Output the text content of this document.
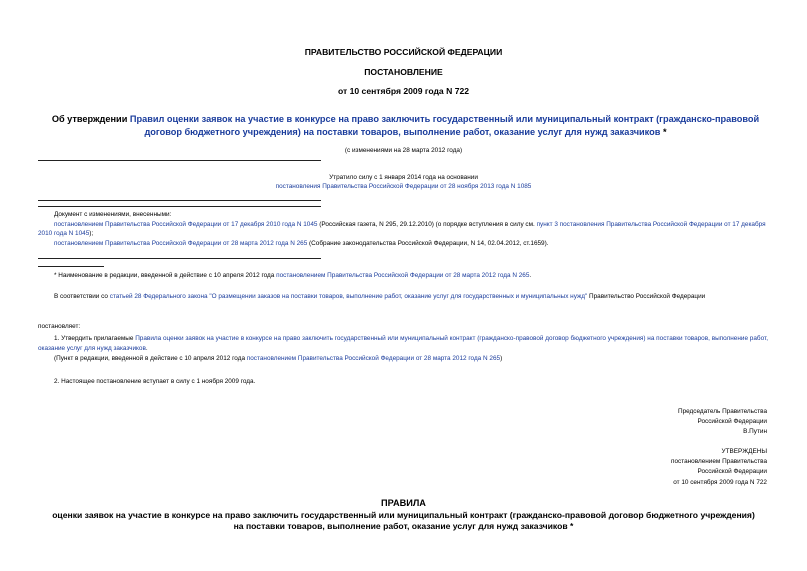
ПРАВИТЕЛЬСТВО РОССИЙСКОЙ ФЕДЕРАЦИИ
ПОСТАНОВЛЕНИЕ
от 10 сентября 2009 года N 722
Об утверждении Правил оценки заявок на участие в конкурсе на право заключить государственный или муниципальный контракт (гражданско-правовой договор бюджетного учреждения) на поставки товаров, выполнение работ, оказание услуг для нужд заказчиков *
(с изменениями на 28 марта 2012 года)
Утратило силу с 1 января 2014 года на основании
постановления Правительства Российской Федерации от 28 ноября 2013 года N 1085
Документ с изменениями, внесенными:
постановлением Правительства Российской Федерации от 17 декабря 2010 года N 1045 (Российская газета, N 295, 29.12.2010) (о порядке вступления в силу см. пункт 3 постановления Правительства Российской Федерации от 17 декабря 2010 года N 1045);
постановлением Правительства Российской Федерации от 28 марта 2012 года N 265 (Собрание законодательства Российской Федерации, N 14, 02.04.2012, ст.1659).
* Наименование в редакции, введенной в действие с 10 апреля 2012 года постановлением Правительства Российской Федерации от 28 марта 2012 года N 265.
В соответствии со статьей 28 Федерального закона "О размещении заказов на поставки товаров, выполнение работ, оказание услуг для государственных и муниципальных нужд" Правительство Российской Федерации
постановляет:
1. Утвердить прилагаемые Правила оценки заявок на участие в конкурсе на право заключить государственный или муниципальный контракт (гражданско-правовой договор бюджетного учреждения) на поставки товаров, выполнение работ, оказание услуг для нужд заказчиков.
(Пункт в редакции, введенной в действие с 10 апреля 2012 года постановлением Правительства Российской Федерации от 28 марта 2012 года N 265)
2. Настоящее постановление вступает в силу с 1 ноября 2009 года.
Председатель Правительства
Российской Федерации
В.Путин
УТВЕРЖДЕНЫ
постановлением Правительства
Российской Федерации
от 10 сентября 2009 года N 722
ПРАВИЛА
оценки заявок на участие в конкурсе на право заключить государственный или муниципальный контракт (гражданско-правовой договор бюджетного учреждения)
на поставки товаров, выполнение работ, оказание услуг для нужд заказчиков *
